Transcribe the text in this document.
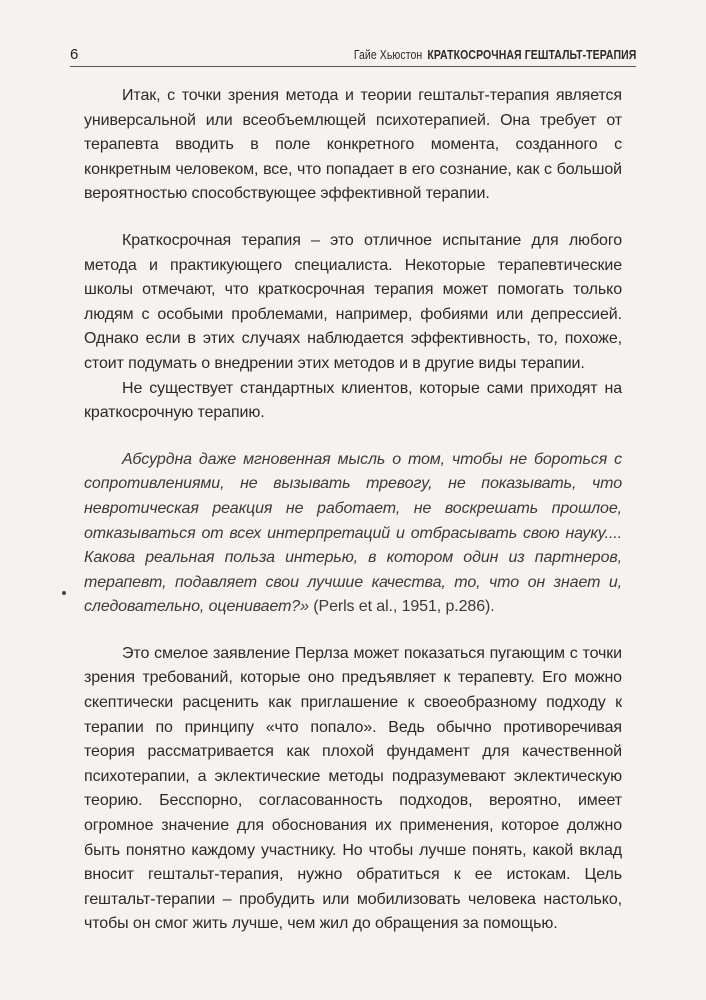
6	Гайе Хьюстон КРАТКОСРОЧНАЯ ГЕШТАЛЬТ-ТЕРАПИЯ

Итак, с точки зрения метода и теории гештальт-терапия является универсальной или всеобъемлющей психотерапией. Она требует от терапевта вводить в поле конкретного момента, созданного с конкретным человеком, все, что попадает в его сознание, как с большой вероятностью способствующее эффективной терапии.

Краткосрочная терапия – это отличное испытание для любого метода и практикующего специалиста. Некоторые терапевтические школы отмечают, что краткосрочная терапия может помогать только людям с особыми проблемами, например, фобиями или депрессией. Однако если в этих случаях наблюдается эффективность, то, похоже, стоит подумать о внедрении этих методов и в другие виды терапии.

Не существует стандартных клиентов, которые сами приходят на краткосрочную терапию.

Абсурдна даже мгновенная мысль о том, чтобы не бороться с сопротивлениями, не вызывать тревогу, не показывать, что невротическая реакция не работает, не воскрешать прошлое, отказываться от всех интерпретаций и отбрасывать свою науку.... Какова реальная польза интерью, в котором один из партнеров, терапевт, подавляет свои лучшие качества, то, что он знает и, следовательно, оценивает?» (Perls et al., 1951, p.286).

Это смелое заявление Перлза может показаться пугающим с точки зрения требований, которые оно предъявляет к терапевту. Его можно скептически расценить как приглашение к своеобразному подходу к терапии по принципу «что попало». Ведь обычно противоречивая теория рассматривается как плохой фундамент для качественной психотерапии, а эклектические методы подразумевают эклектическую теорию. Бесспорно, согласованность подходов, вероятно, имеет огромное значение для обоснования их применения, которое должно быть понятно каждому участнику. Но чтобы лучше понять, какой вклад вносит гештальт-терапия, нужно обратиться к ее истокам. Цель гештальт-терапии – пробудить или мобилизовать человека настолько, чтобы он смог жить лучше, чем жил до обращения за помощью.
